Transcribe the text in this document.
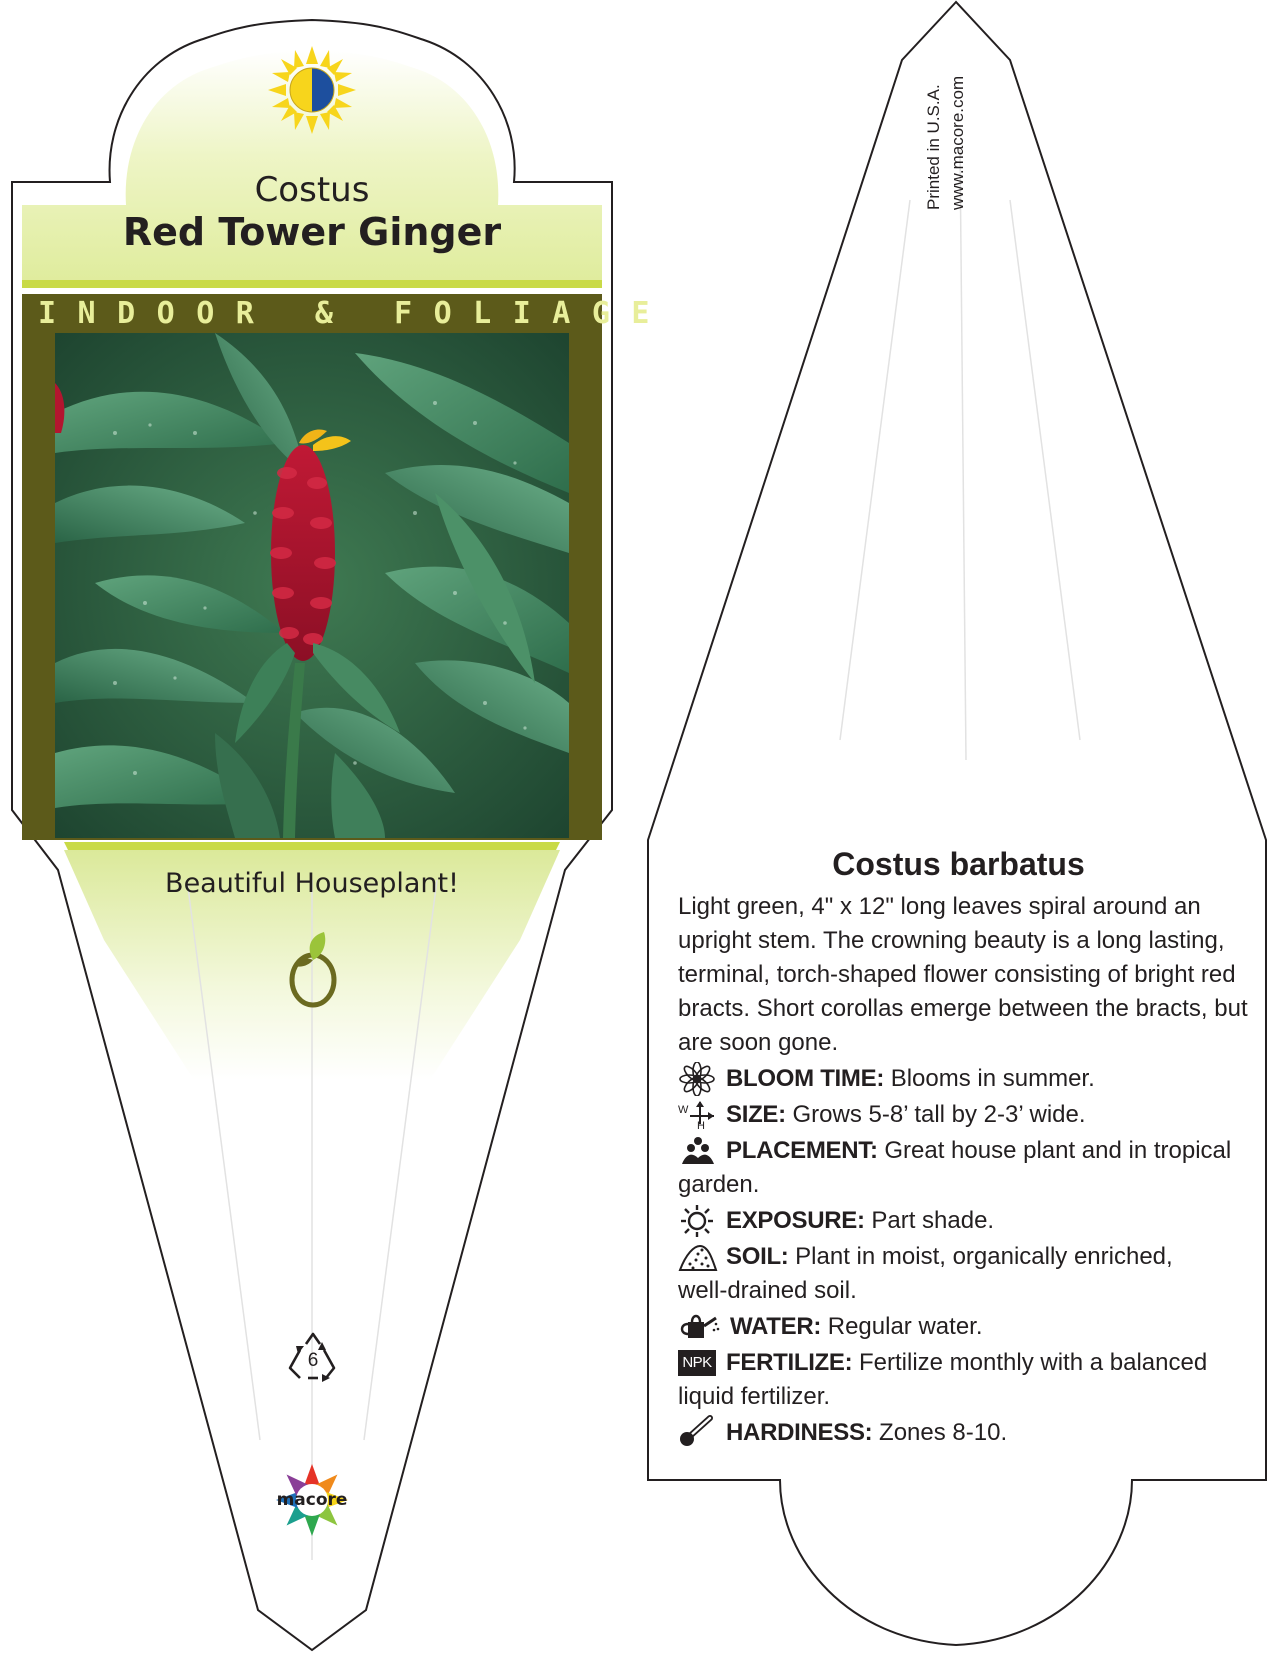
Costus
Red Tower Ginger
INDOOR & FOLIAGE
Beautiful Houseplant!
6
macore
Printed in U.S.A. www.macore.com
Costus barbatus
Light green, 4" x 12" long leaves spiral around an
upright stem. The crowning beauty is a long lasting,
terminal, torch-shaped flower consisting of bright red
bracts. Short corollas emerge between the bracts, but
are soon gone.
W
H
NPK
BLOOM TIME: Blooms in summer.
SIZE: Grows 5-8’ tall by 2-3’ wide.
PLACEMENT: Great house plant and in tropical
garden.
EXPOSURE: Part shade.
SOIL: Plant in moist, organically enriched,
well-drained soil.
WATER: Regular water.
FERTILIZE: Fertilize monthly with a balanced
liquid fertilizer.
HARDINESS: Zones 8-10.
